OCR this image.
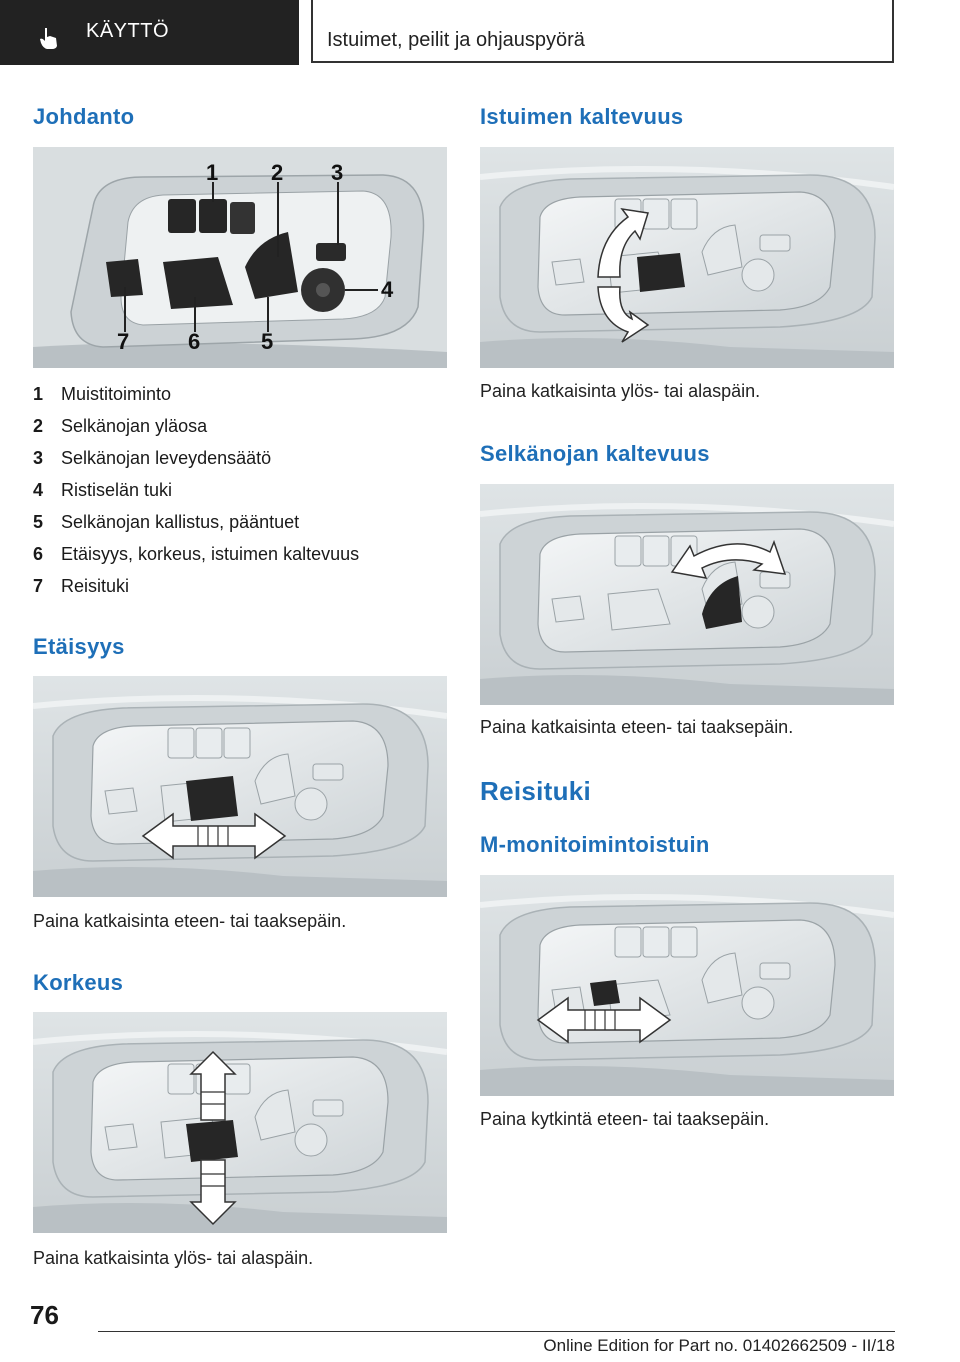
KÄYTTÖ	Istuimet, peilit ja ohjauspyörä
Johdanto
1 2 3
4
5
6
7
1 Muistitoiminto
2 Selkänojan yläosa
3 Selkänojan leveydensäätö
4 Ristiselän tuki
5 Selkänojan kallistus, pääntuet
6 Etäisyys, korkeus, istuimen kaltevuus
7 Reisituki
Etäisyys
Paina katkaisinta eteen- tai taaksepäin.
Korkeus
Paina katkaisinta ylös- tai alaspäin.
Istuimen kaltevuus
Paina katkaisinta ylös- tai alaspäin.
Selkänojan kaltevuus
Paina katkaisinta eteen- tai taaksepäin.
Reisituki
M-monitoimintoistuin
Paina kytkintä eteen- tai taaksepäin.
76
Online Edition for Part no. 01402662509 - II/18
